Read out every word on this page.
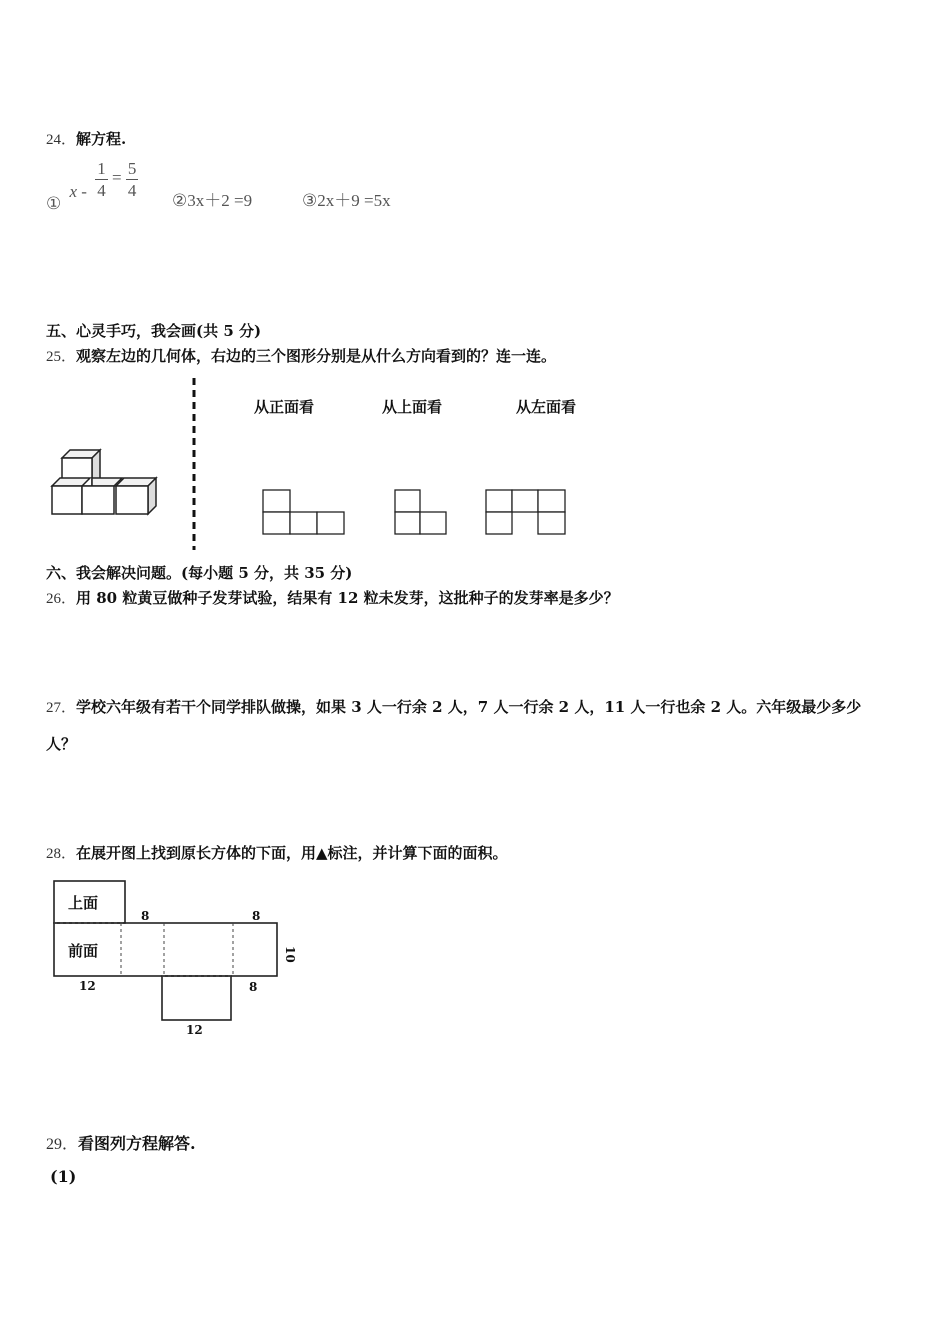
24．解方程.
① $x - \frac{1}{4} = \frac{5}{4}$
②3x＋2 =9	③2x＋9 =5x
五、心灵手巧，我会画(共 5 分)
25．观察左边的几何体，右边的三个图形分别是从什么方向看到的？连一连。
从正面看	从上面看	从左面看
六、我会解决问题。(每小题 5 分，共 35 分)
26．用 80 粒黄豆做种子发芽试验，结果有 12 粒未发芽，这批种子的发芽率是多少？
27．学校六年级有若干个同学排队做操，如果 3 人一行余 2 人，7 人一行余 2 人，11 人一行也余 2 人。六年级最少多少
人？
28．在展开图上找到原长方体的下面，用▲标注，并计算下面的面积。
上面
前面
8	8
10
12	8
12
29．看图列方程解答.
(1)
